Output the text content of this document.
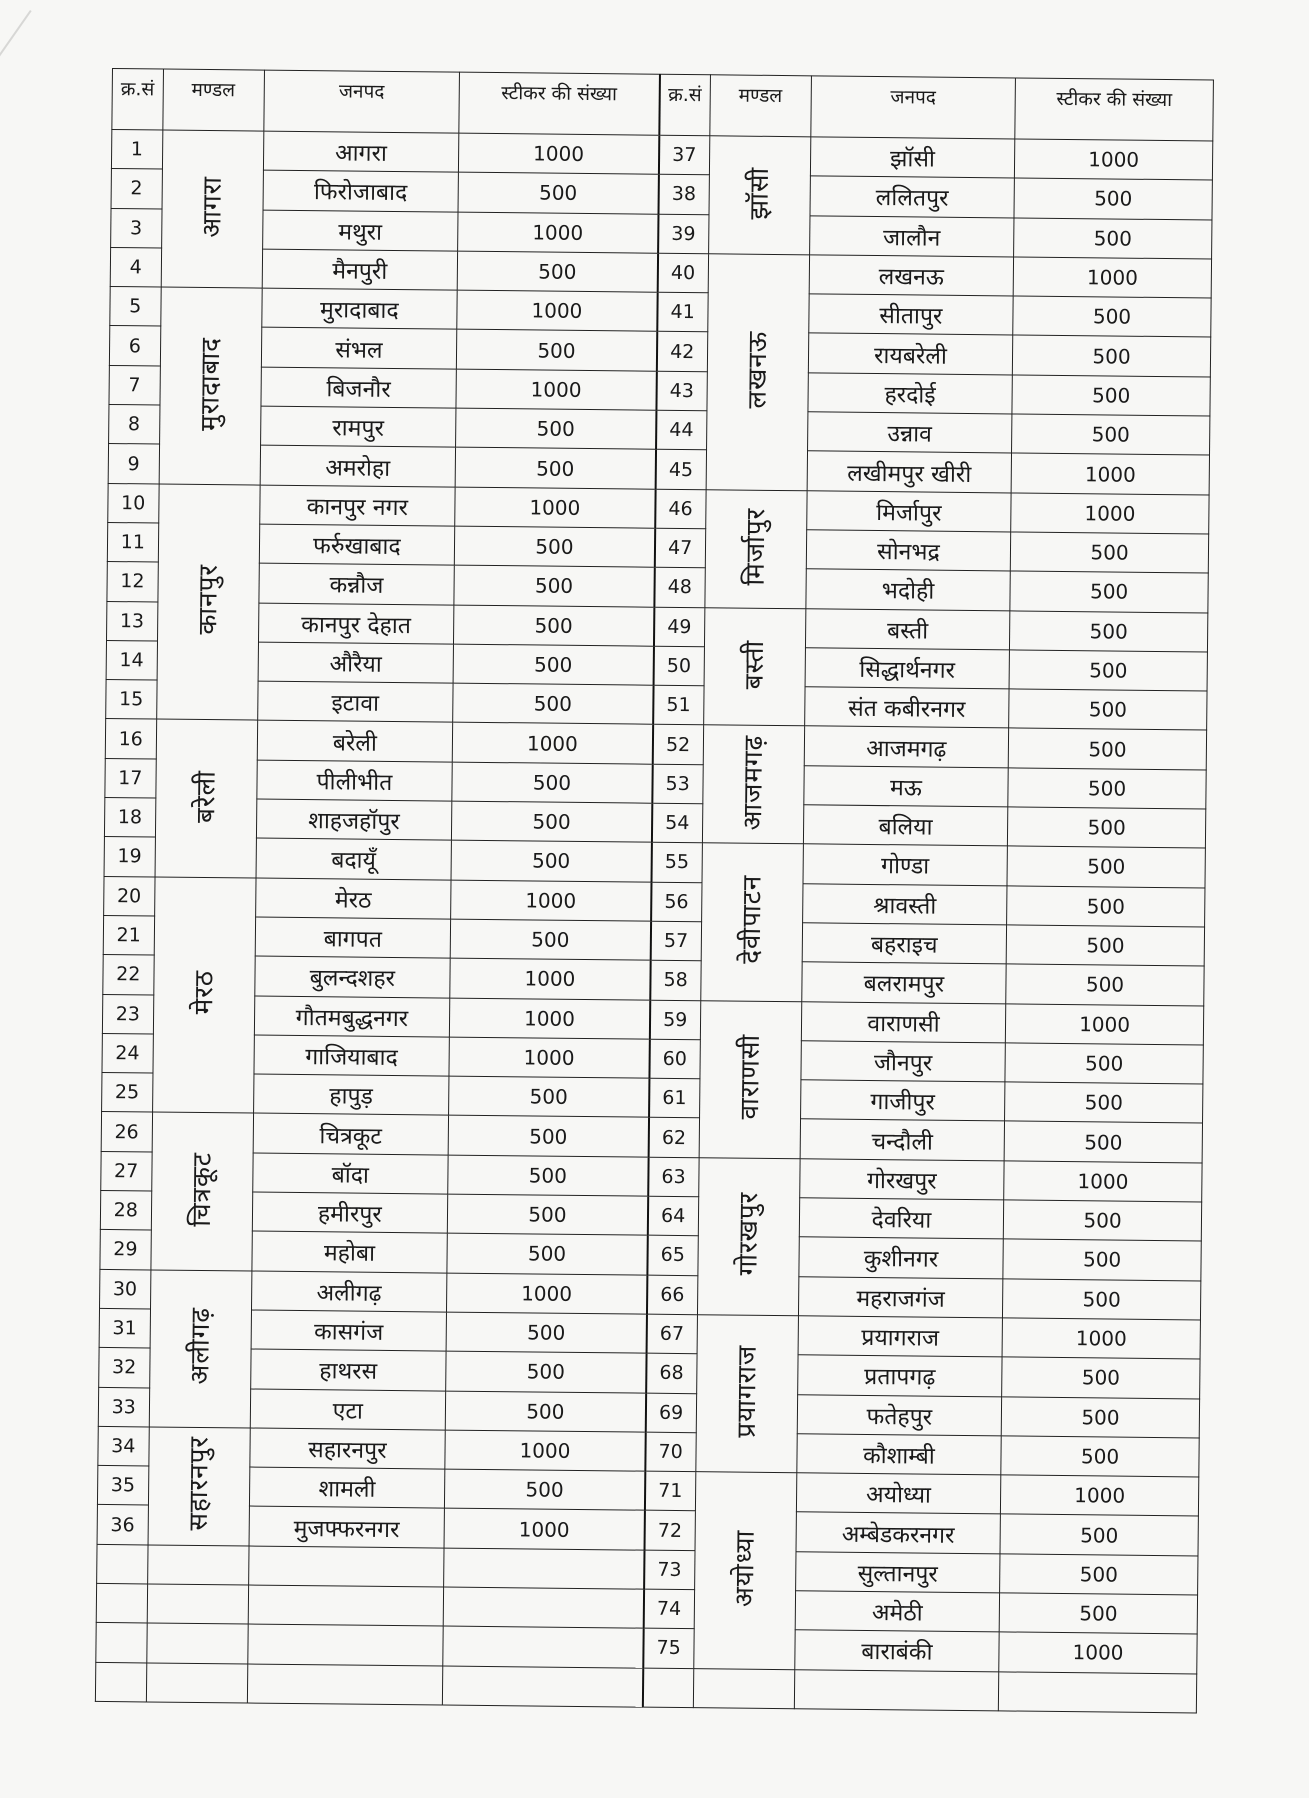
क्र.सं	मण्डल	जनपद	स्टीकर की संख्या	क्र.सं	मण्डल	जनपद	स्टीकर की संख्या
1	आगरा	आगरा	1000	37	झॉसी	झॉसी	1000
2		फिरोजाबाद	500	38		ललितपुर	500
3		मथुरा	1000	39		जालौन	500
4		मैनपुरी	500	40	लखनऊ	लखनऊ	1000
5	मुरादाबाद	मुरादाबाद	1000	41		सीतापुर	500
6		संभल	500	42		रायबरेली	500
7		बिजनौर	1000	43		हरदोई	500
8		रामपुर	500	44		उन्नाव	500
9		अमरोहा	500	45		लखीमपुर खीरी	1000
10	कानपुर	कानपुर नगर	1000	46	मिर्जापुर	मिर्जापुर	1000
11		फर्रुखाबाद	500	47		सोनभद्र	500
12		कन्नौज	500	48		भदोही	500
13		कानपुर देहात	500	49	बस्ती	बस्ती	500
14		औरैया	500	50		सिद्धार्थनगर	500
15		इटावा	500	51		संत कबीरनगर	500
16	बरेली	बरेली	1000	52	आजमगढ़	आजमगढ़	500
17		पीलीभीत	500	53		मऊ	500
18		शाहजहॉपुर	500	54		बलिया	500
19		बदायूँ	500	55	देवीपाटन	गोण्डा	500
20	मेरठ	मेरठ	1000	56		श्रावस्ती	500
21		बागपत	500	57		बहराइच	500
22		बुलन्दशहर	1000	58		बलरामपुर	500
23		गौतमबुद्धनगर	1000	59	वाराणसी	वाराणसी	1000
24		गाजियाबाद	1000	60		जौनपुर	500
25		हापुड़	500	61		गाजीपुर	500
26	चित्रकूट	चित्रकूट	500	62		चन्दौली	500
27		बॉदा	500	63	गोरखपुर	गोरखपुर	1000
28		हमीरपुर	500	64		देवरिया	500
29		महोबा	500	65		कुशीनगर	500
30	अलीगढ़	अलीगढ़	1000	66		महराजगंज	500
31		कासगंज	500	67	प्रयागराज	प्रयागराज	1000
32		हाथरस	500	68		प्रतापगढ़	500
33		एटा	500	69		फतेहपुर	500
34	सहारनपुर	सहारनपुर	1000	70		कौशाम्बी	500
35		शामली	500	71	अयोध्या	अयोध्या	1000
36		मुजफ्फरनगर	1000	72		अम्बेडकरनगर	500
				73		सुल्तानपुर	500
				74		अमेठी	500
				75		बाराबंकी	1000
